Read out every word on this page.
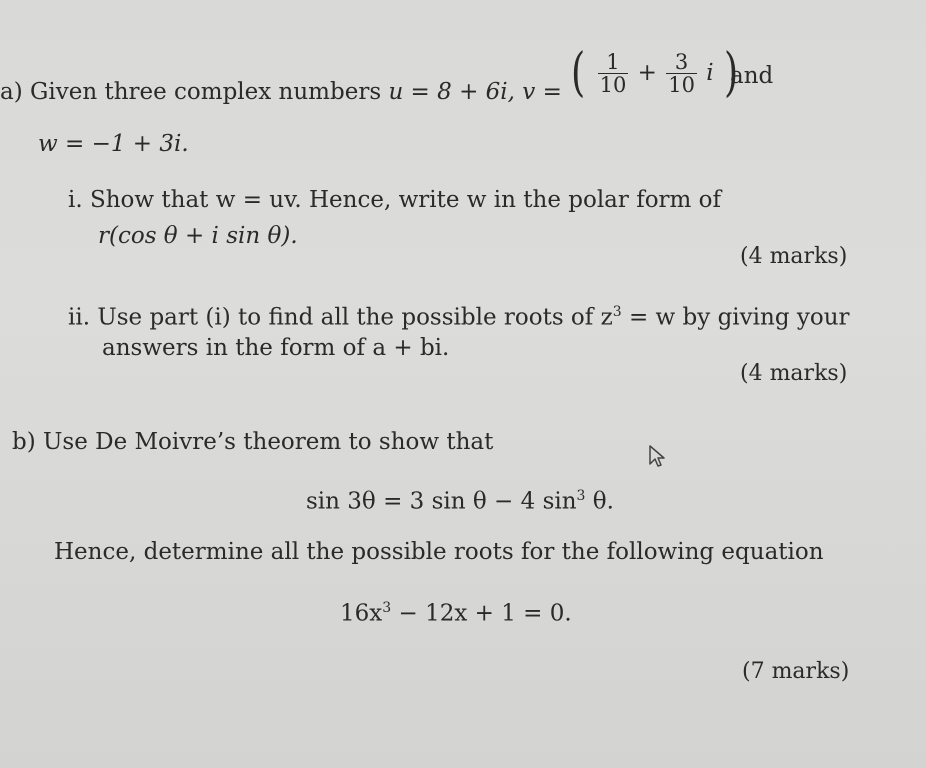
a) Given three complex numbers u = 8 + 6i, v = ( $\frac{1}{10} + \frac{3}{10}$ i )
and
w = −1 + 3i.
i. Show that w = uv. Hence, write w in the polar form of
r(cos θ + i sin θ).
(4 marks)
ii. Use part (i) to find all the possible roots of $z^3 = w$ by giving your
answers in the form of a + bi.
(4 marks)
b) Use De Moivre’s theorem to show that
sin 3θ = 3 sin θ − 4 $\sin^3 \theta$.
Hence, determine all the possible roots for the following equation
$16x^3 - 12x + 1 = 0$.
(7 marks)
